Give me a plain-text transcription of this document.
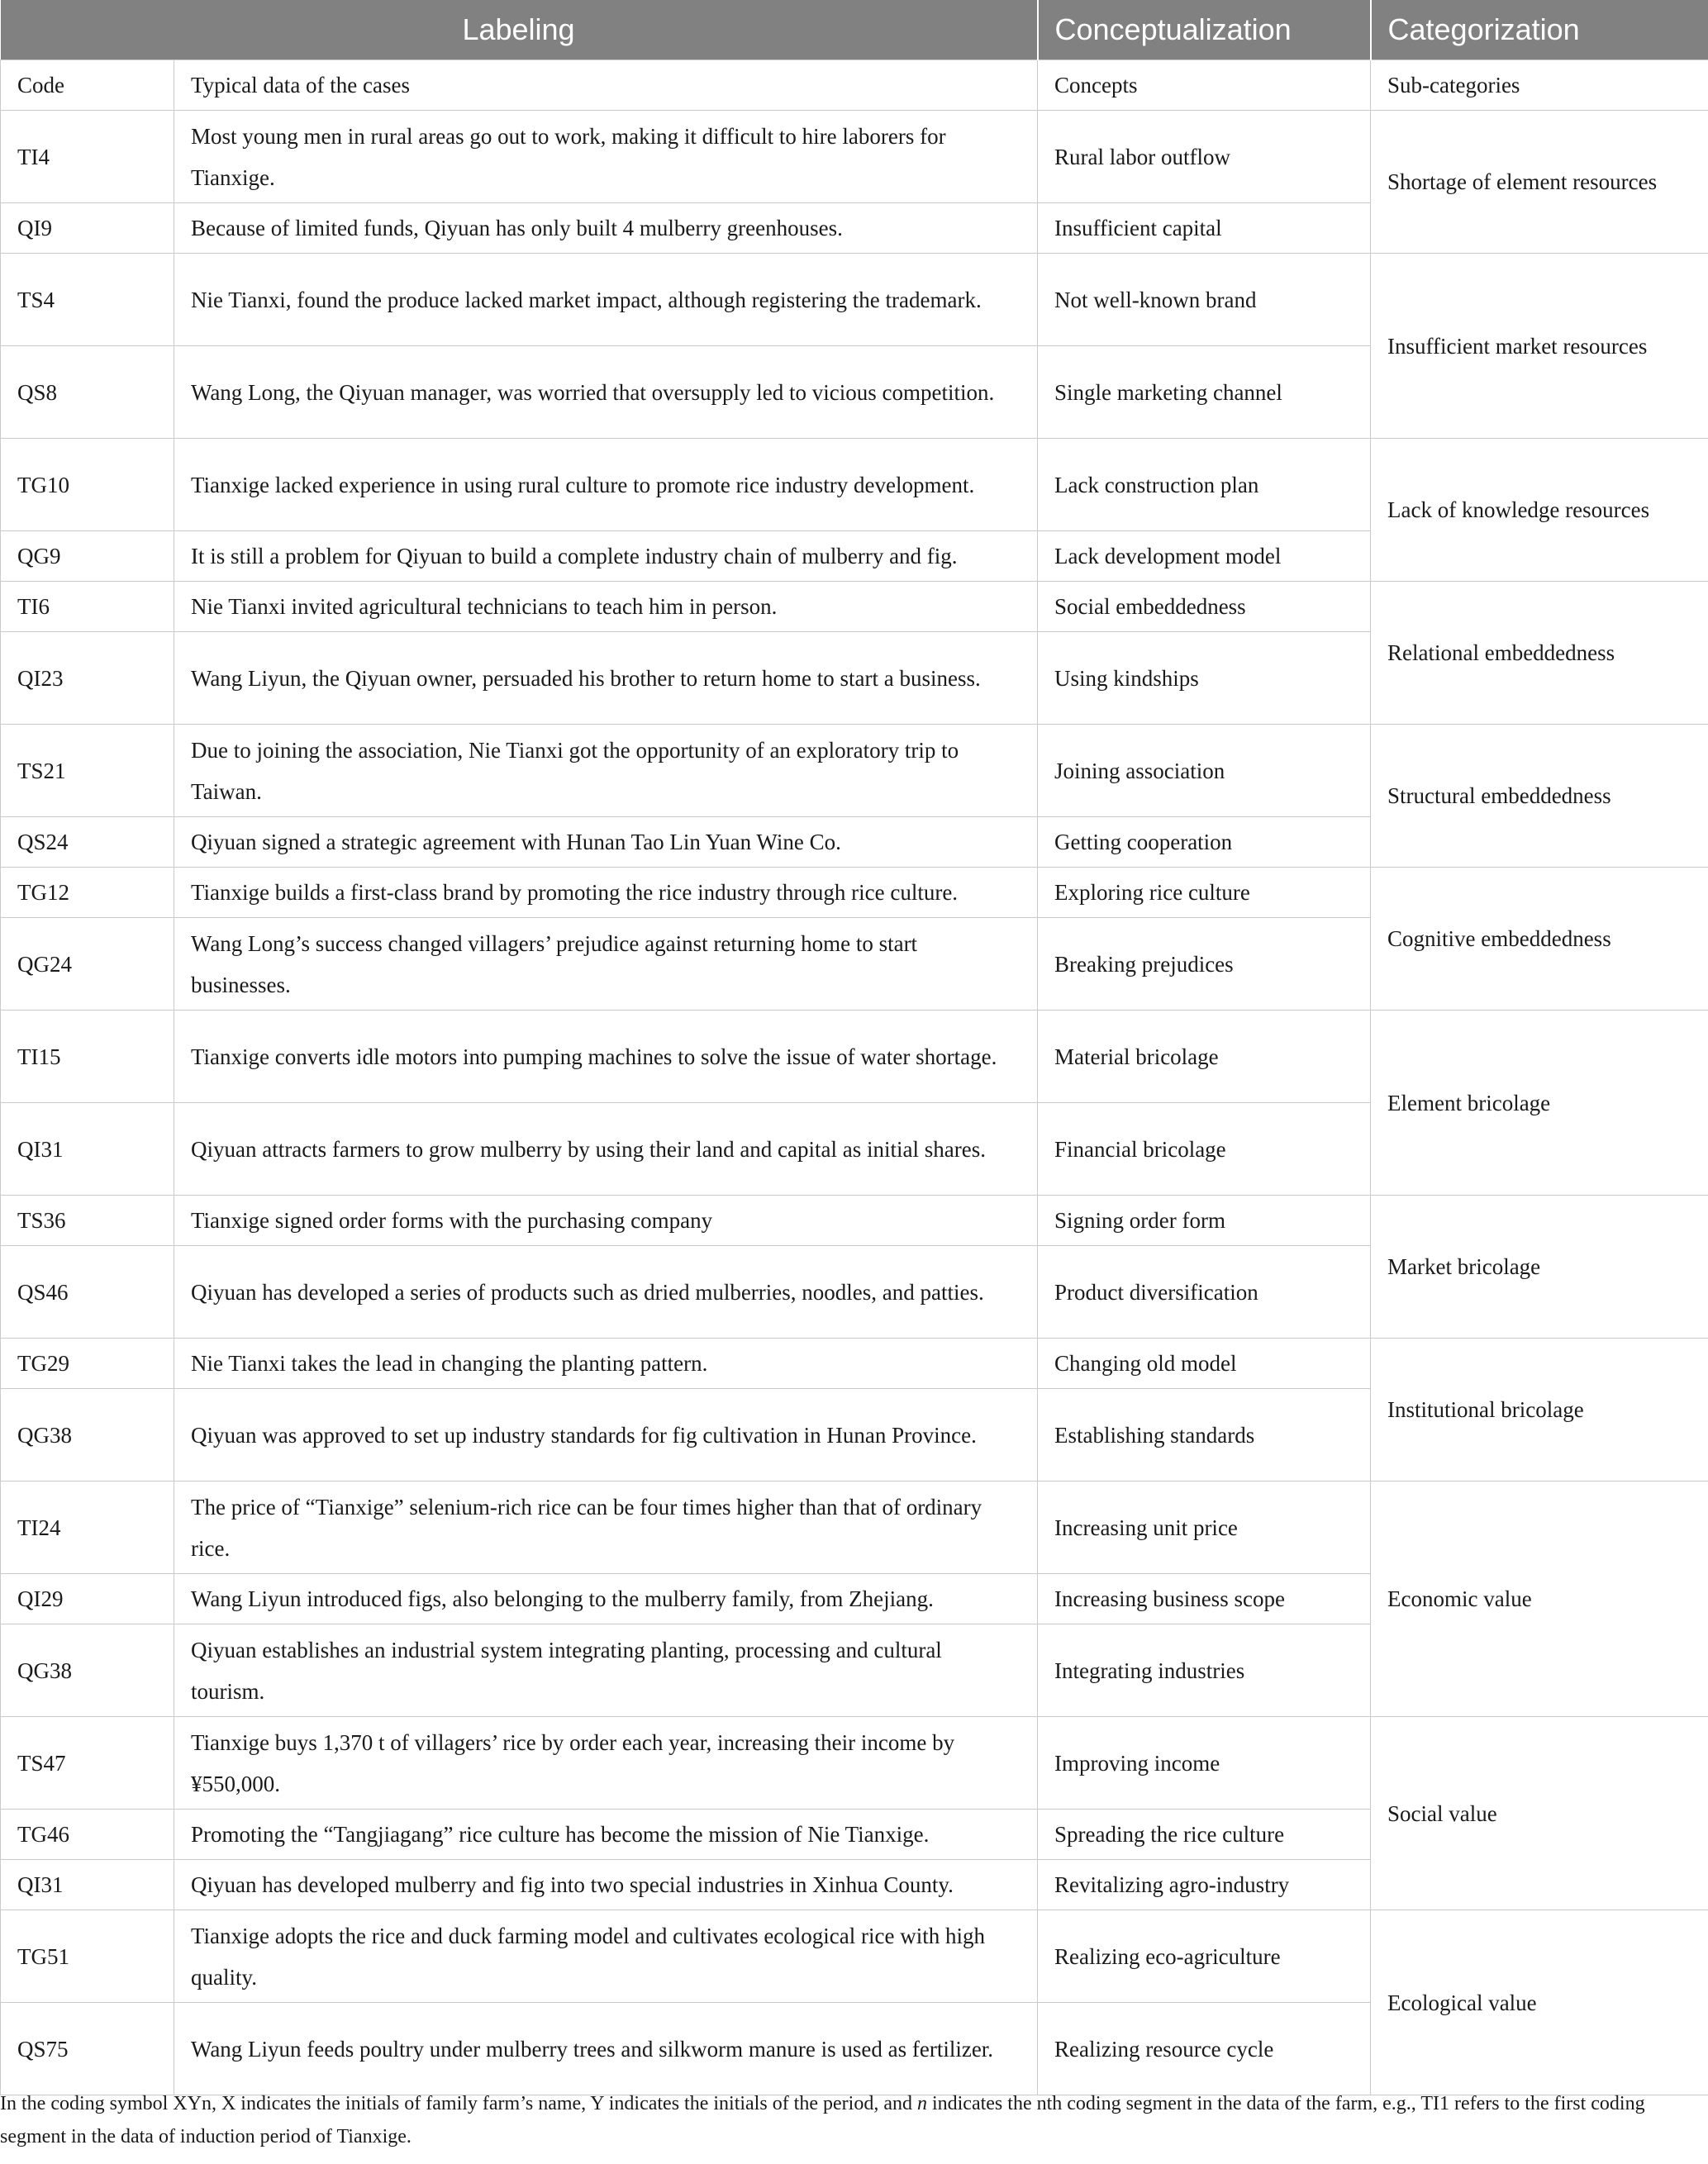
Labeling		Conceptualization	Categorization
Code	Typical data of the cases	Concepts	Sub-categories
TI4	Most young men in rural areas go out to work, making it difficult to hire laborers for Tianxige.	Rural labor outflow	Shortage of element resources
QI9	Because of limited funds, Qiyuan has only built 4 mulberry greenhouses.	Insufficient capital	
TS4	Nie Tianxi, found the produce lacked market impact, although registering the trademark.	Not well-known brand	Insufficient market resources
QS8	Wang Long, the Qiyuan manager, was worried that oversupply led to vicious competition.	Single marketing channel	
TG10	Tianxige lacked experience in using rural culture to promote rice industry development.	Lack construction plan	Lack of knowledge resources
QG9	It is still a problem for Qiyuan to build a complete industry chain of mulberry and fig.	Lack development model	
TI6	Nie Tianxi invited agricultural technicians to teach him in person.	Social embeddedness	Relational embeddedness
QI23	Wang Liyun, the Qiyuan owner, persuaded his brother to return home to start a business.	Using kindships	
TS21	Due to joining the association, Nie Tianxi got the opportunity of an exploratory trip to Taiwan.	Joining association	Structural embeddedness
QS24	Qiyuan signed a strategic agreement with Hunan Tao Lin Yuan Wine Co.	Getting cooperation	
TG12	Tianxige builds a first-class brand by promoting the rice industry through rice culture.	Exploring rice culture	Cognitive embeddedness
QG24	Wang Long’s success changed villagers’ prejudice against returning home to start businesses.	Breaking prejudices	
TI15	Tianxige converts idle motors into pumping machines to solve the issue of water shortage.	Material bricolage	Element bricolage
QI31	Qiyuan attracts farmers to grow mulberry by using their land and capital as initial shares.	Financial bricolage	
TS36	Tianxige signed order forms with the purchasing company	Signing order form	Market bricolage
QS46	Qiyuan has developed a series of products such as dried mulberries, noodles, and patties.	Product diversification	
TG29	Nie Tianxi takes the lead in changing the planting pattern.	Changing old model	Institutional bricolage
QG38	Qiyuan was approved to set up industry standards for fig cultivation in Hunan Province.	Establishing standards	
TI24	The price of “Tianxige” selenium-rich rice can be four times higher than that of ordinary rice.	Increasing unit price	Economic value
QI29	Wang Liyun introduced figs, also belonging to the mulberry family, from Zhejiang.	Increasing business scope	
QG38	Qiyuan establishes an industrial system integrating planting, processing and cultural tourism.	Integrating industries	
TS47	Tianxige buys 1,370 t of villagers’ rice by order each year, increasing their income by ¥550,000.	Improving income	Social value
TG46	Promoting the “Tangjiagang” rice culture has become the mission of Nie Tianxige.	Spreading the rice culture	
QI31	Qiyuan has developed mulberry and fig into two special industries in Xinhua County.	Revitalizing agro-industry	
TG51	Tianxige adopts the rice and duck farming model and cultivates ecological rice with high quality.	Realizing eco-agriculture	Ecological value
QS75	Wang Liyun feeds poultry under mulberry trees and silkworm manure is used as fertilizer.	Realizing resource cycle	
In the coding symbol XYn, X indicates the initials of family farm’s name, Y indicates the initials of the period, and n indicates the nth coding segment in the data of the farm, e.g., TI1 refers to the first coding segment in the data of induction period of Tianxige.
